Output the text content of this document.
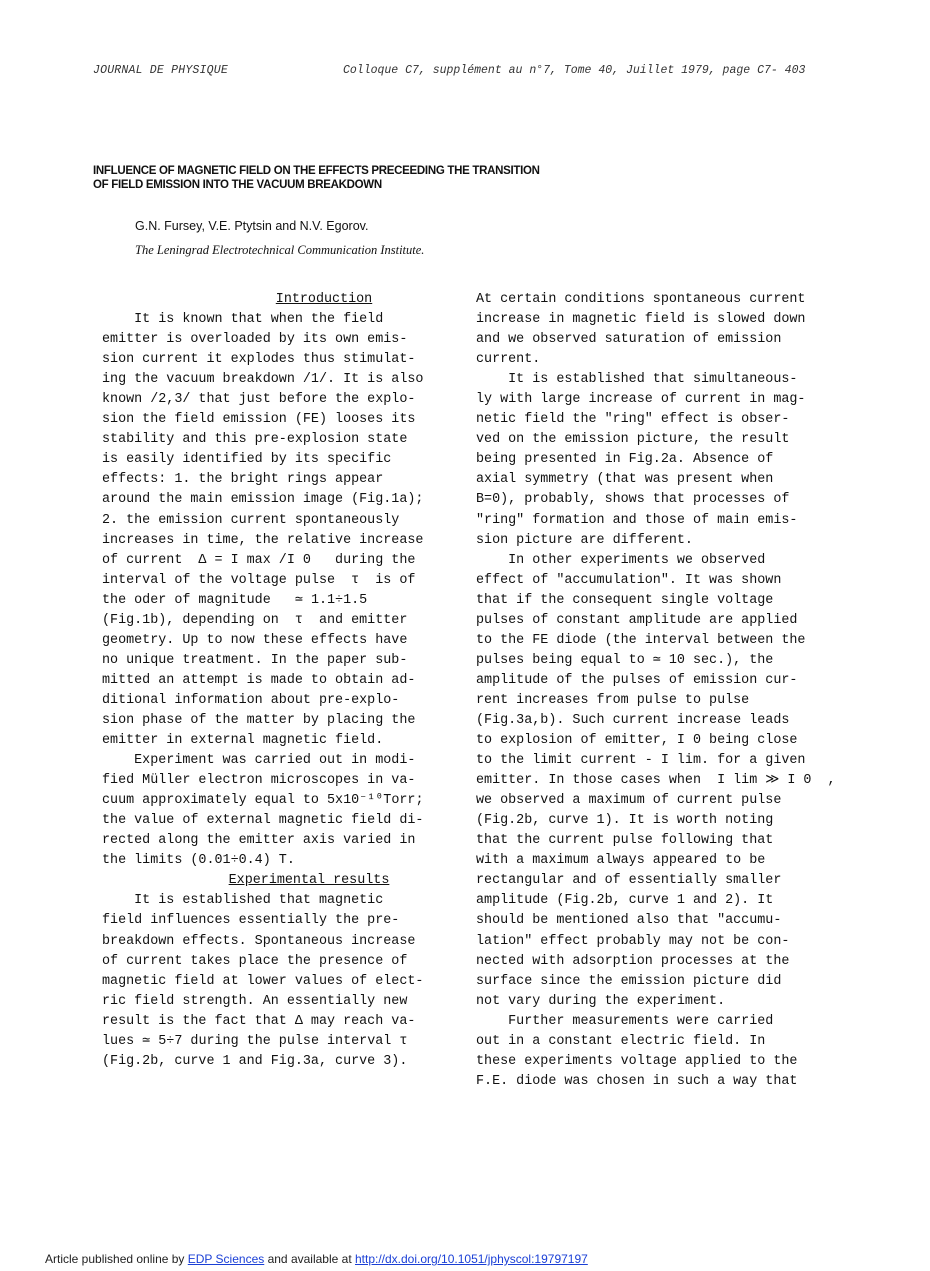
JOURNAL DE PHYSIQUE	Colloque C7, supplément au n°7, Tome 40, Juillet 1979, page C7- 403
INFLUENCE OF MAGNETIC FIELD ON THE EFFECTS PRECEEDING THE TRANSITION
OF FIELD EMISSION INTO THE VACUUM BREAKDOWN
G.N. Fursey, V.E. Ptytsin and N.V. Egorov.
The Leningrad Electrotechnical Communication Institute.
Introduction
It is known that when the field
emitter is overloaded by its own emis-
sion current it explodes thus stimulat-
ing the vacuum breakdown /1/. It is also
known /2,3/ that just before the explo-
sion the field emission (FE) looses its
stability and this pre-explosion state
is easily identified by its specific
effects: 1. the bright rings appear
around the main emission image (Fig.1a);
2. the emission current spontaneously
increases in time, the relative increase
of current  Δ = I max /I 0   during the
interval of the voltage pulse  τ  is of
the oder of magnitude   ≃ 1.1÷1.5
(Fig.1b), depending on  τ  and emitter
geometry. Up to now these effects have
no unique treatment. In the paper sub-
mitted an attempt is made to obtain ad-
ditional information about pre-explo-
sion phase of the matter by placing the
emitter in external magnetic field.
Experiment was carried out in modi-
fied Müller electron microscopes in va-
cuum approximately equal to 5x10⁻¹⁰Torr;
the value of external magnetic field di-
rected along the emitter axis varied in
the limits (0.01÷0.4) T.
Experimental results
It is established that magnetic
field influences essentially the pre-
breakdown effects. Spontaneous increase
of current takes place the presence of
magnetic field at lower values of elect-
ric field strength. An essentially new
result is the fact that Δ may reach va-
lues ≃ 5÷7 during the pulse interval τ
(Fig.2b, curve 1 and Fig.3a, curve 3).
At certain conditions spontaneous current
increase in magnetic field is slowed down
and we observed saturation of emission
current.
It is established that simultaneous-
ly with large increase of current in mag-
netic field the "ring" effect is obser-
ved on the emission picture, the result
being presented in Fig.2a. Absence of
axial symmetry (that was present when
B=0), probably, shows that processes of
"ring" formation and those of main emis-
sion picture are different.
In other experiments we observed
effect of "accumulation". It was shown
that if the consequent single voltage
pulses of constant amplitude are applied
to the FE diode (the interval between the
pulses being equal to ≃ 10 sec.), the
amplitude of the pulses of emission cur-
rent increases from pulse to pulse
(Fig.3a,b). Such current increase leads
to explosion of emitter, I 0 being close
to the limit current - I lim. for a given
emitter. In those cases when  I lim ≫ I 0  ,
we observed a maximum of current pulse
(Fig.2b, curve 1). It is worth noting
that the current pulse following that
with a maximum always appeared to be
rectangular and of essentially smaller
amplitude (Fig.2b, curve 1 and 2). It
should be mentioned also that "accumu-
lation" effect probably may not be con-
nected with adsorption processes at the
surface since the emission picture did
not vary during the experiment.
Further measurements were carried
out in a constant electric field. In
these experiments voltage applied to the
F.E. diode was chosen in such a way that
Article published online by EDP Sciences and available at http://dx.doi.org/10.1051/jphyscol:19797197
